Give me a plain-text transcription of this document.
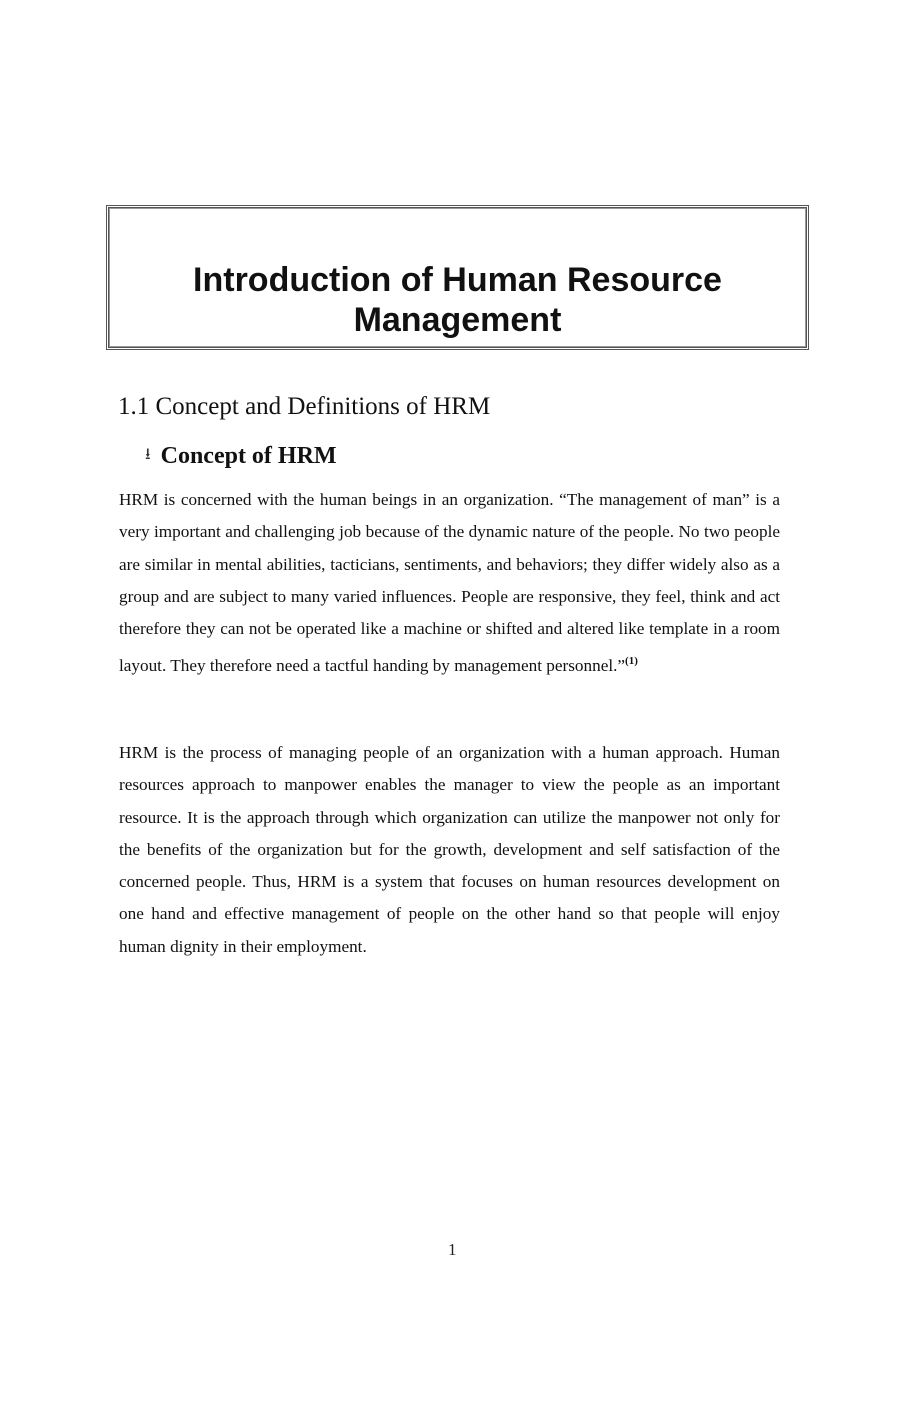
Introduction of Human Resource
Management
1.1 Concept and Definitions of HRM
⭳ Concept of HRM
HRM is concerned with the human beings in an organization. “The management of man” is a very important and challenging job because of the dynamic nature of the people. No two people are similar in mental abilities, tacticians, sentiments, and behaviors; they differ widely also as a group and are subject to many varied influences. People are responsive, they feel, think and act therefore they can not be operated like a machine or shifted and altered like template in a room layout. They therefore need a tactful handing by management personnel.”$^{(1)}$
HRM is the process of managing people of an organization with a human approach. Human resources approach to manpower enables the manager to view the people as an important resource. It is the approach through which organization can utilize the manpower not only for the benefits of the organization but for the growth, development and self satisfaction of the concerned people. Thus, HRM is a system that focuses on human resources development on one hand and effective management of people on the other hand so that people will enjoy human dignity in their employment.
1
